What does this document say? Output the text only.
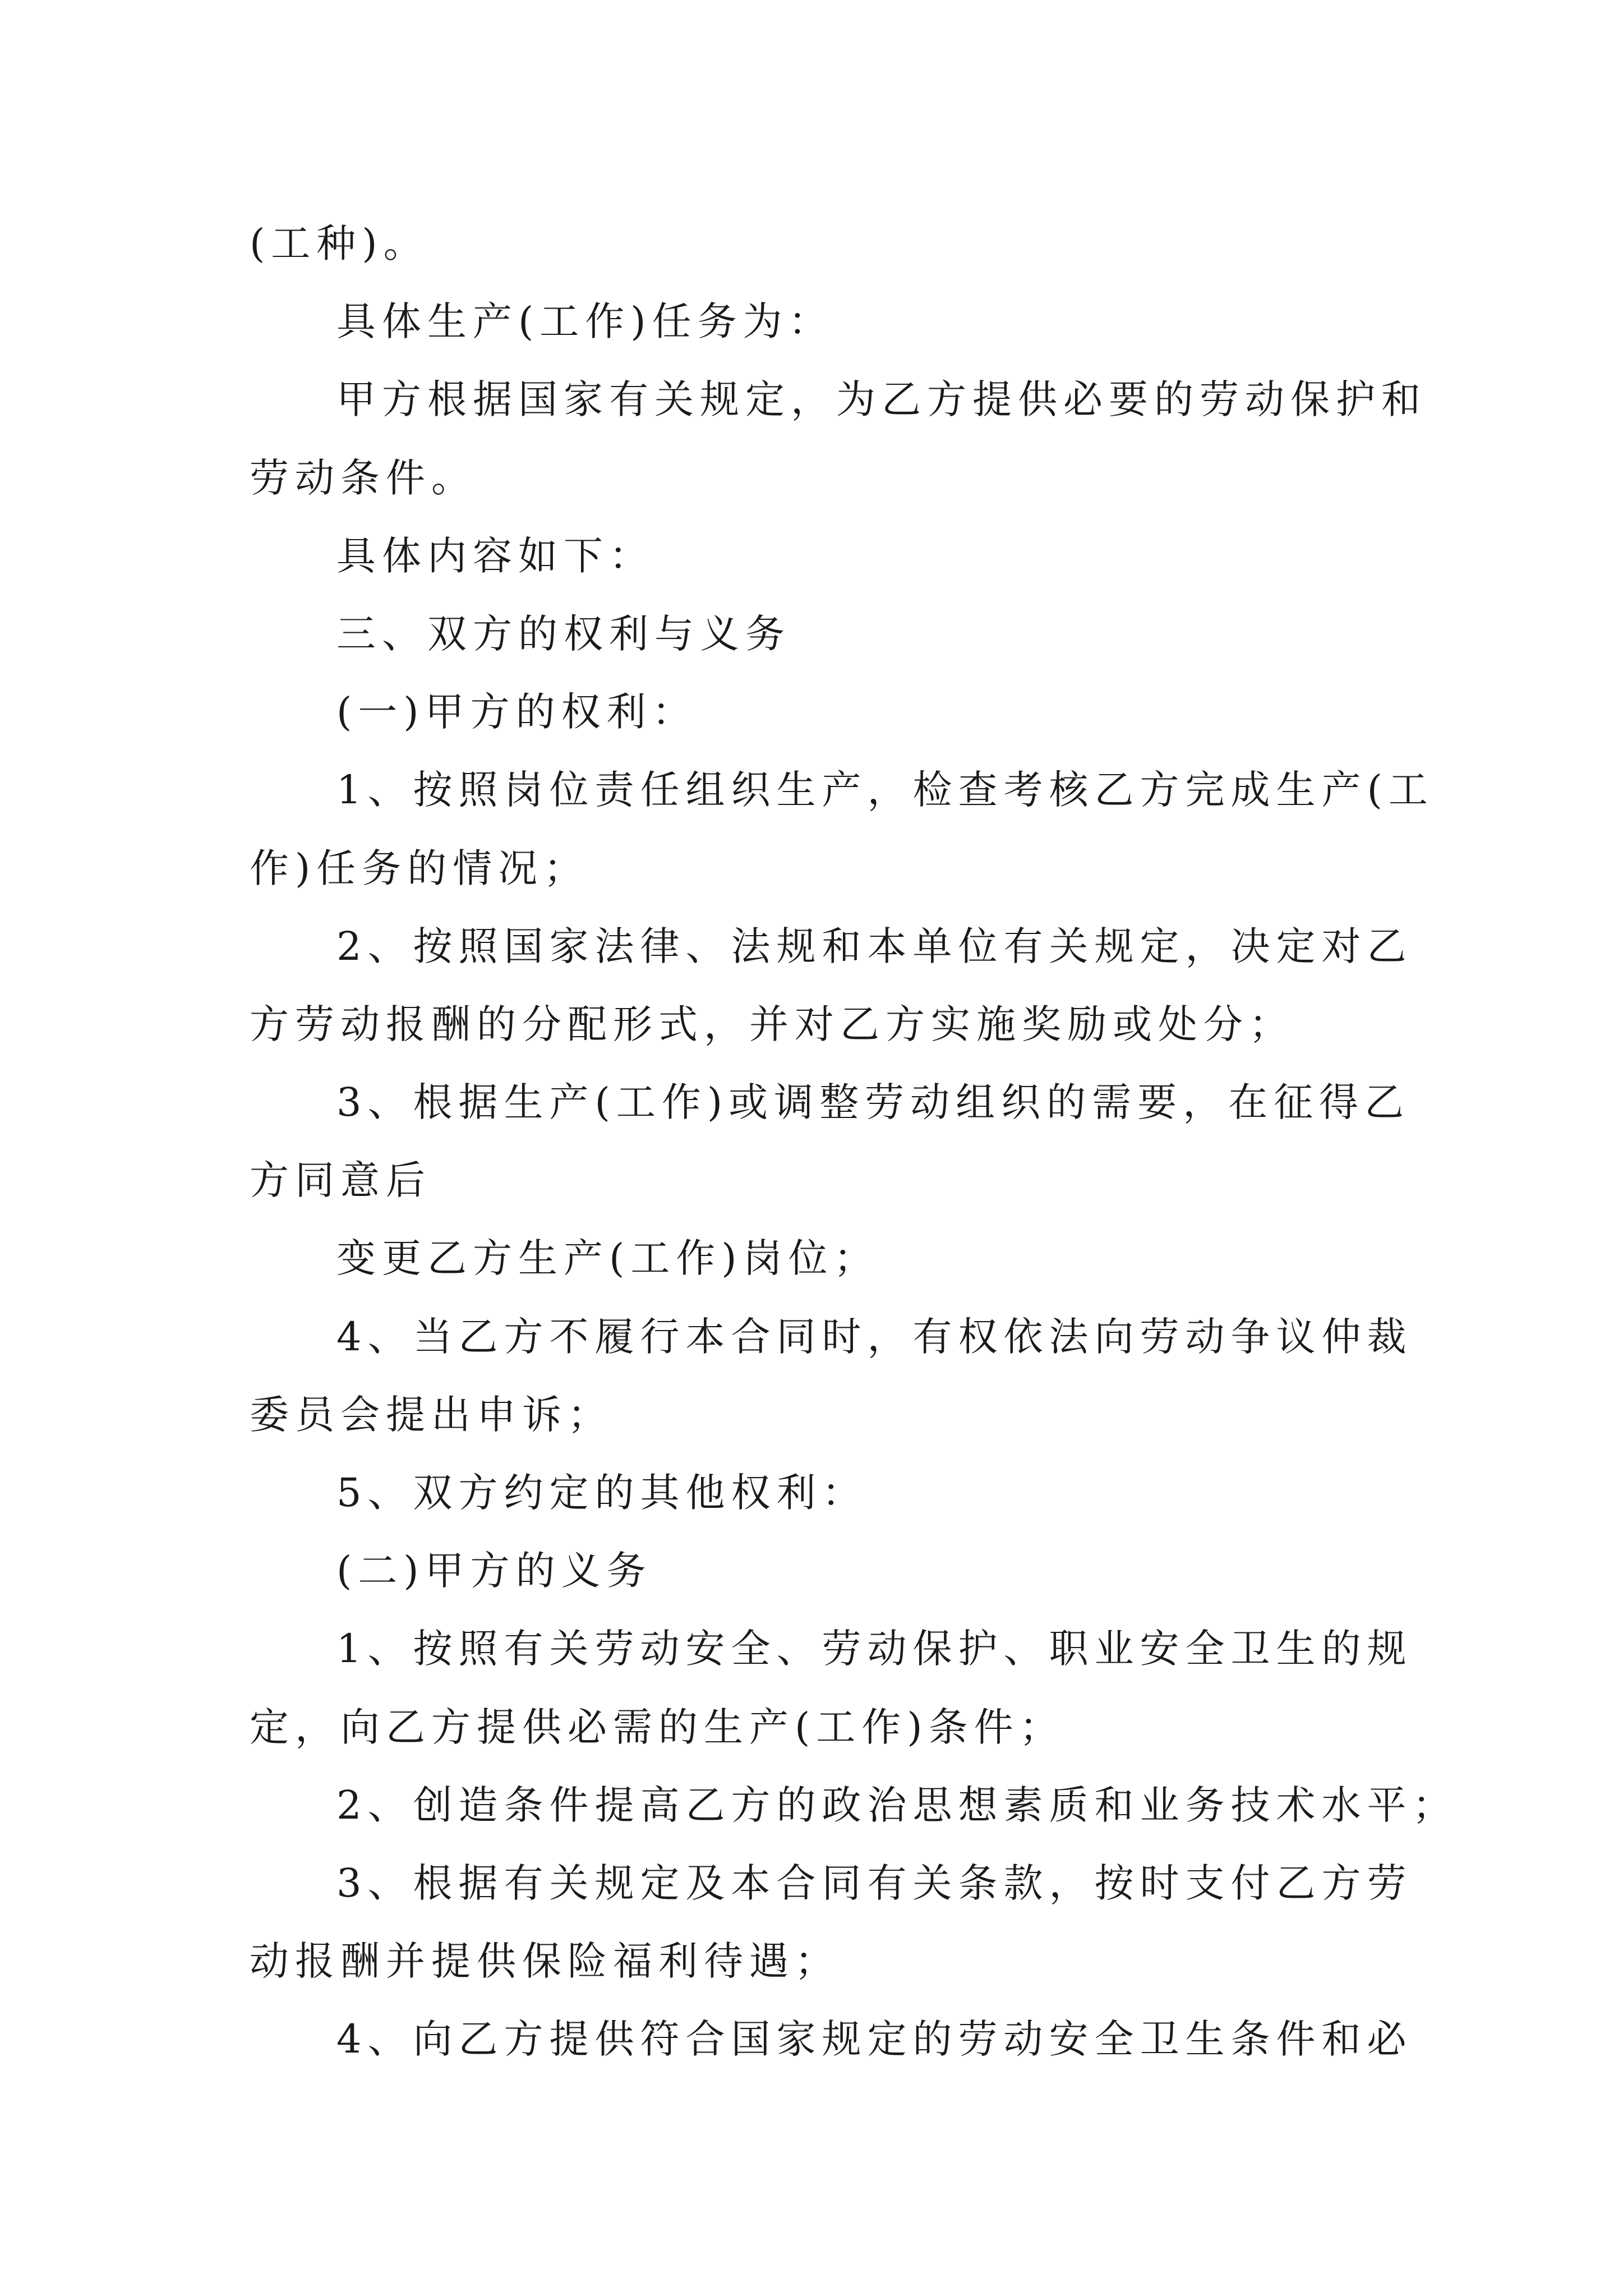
(工种)。

具体生产(工作)任务为：

甲方根据国家有关规定，为乙方提供必要的劳动保护和

劳动条件。

具体内容如下：

三、双方的权利与义务

(一)甲方的权利：

1、按照岗位责任组织生产，检查考核乙方完成生产(工

作)任务的情况；

2、按照国家法律、法规和本单位有关规定，决定对乙

方劳动报酬的分配形式，并对乙方实施奖励或处分；

3、根据生产(工作)或调整劳动组织的需要，在征得乙

方同意后

变更乙方生产(工作)岗位；

4、当乙方不履行本合同时，有权依法向劳动争议仲裁

委员会提出申诉；

5、双方约定的其他权利：

(二)甲方的义务

1、按照有关劳动安全、劳动保护、职业安全卫生的规

定，向乙方提供必需的生产(工作)条件；

2、创造条件提高乙方的政治思想素质和业务技术水平；

3、根据有关规定及本合同有关条款，按时支付乙方劳

动报酬并提供保险福利待遇；

4、向乙方提供符合国家规定的劳动安全卫生条件和必
